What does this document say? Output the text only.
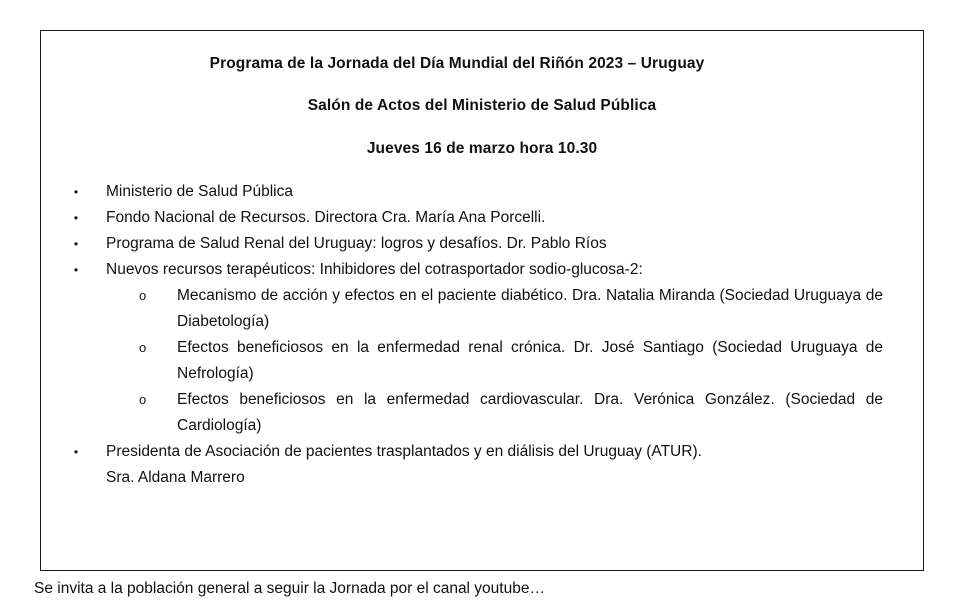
Programa de la Jornada del Día Mundial del Riñón 2023 – Uruguay
Salón de Actos del Ministerio de Salud Pública
Jueves 16 de marzo hora 10.30
• Ministerio de Salud Pública
• Fondo Nacional de Recursos. Directora Cra. María Ana Porcelli.
• Programa de Salud Renal del Uruguay: logros y desafíos. Dr. Pablo Ríos
• Nuevos recursos terapéuticos: Inhibidores del cotrasportador sodio-glucosa-2:
o Mecanismo de acción y efectos en el paciente diabético. Dra. Natalia Miranda (Sociedad Uruguaya de Diabetología)
o Efectos beneficiosos en la enfermedad renal crónica. Dr. José Santiago (Sociedad Uruguaya de Nefrología)
o Efectos beneficiosos en la enfermedad cardiovascular. Dra. Verónica González. (Sociedad de Cardiología)
• Presidenta de Asociación de pacientes trasplantados y en diálisis del Uruguay (ATUR).
Sra. Aldana Marrero
Se invita a la población general a seguir la Jornada por el canal youtube…
